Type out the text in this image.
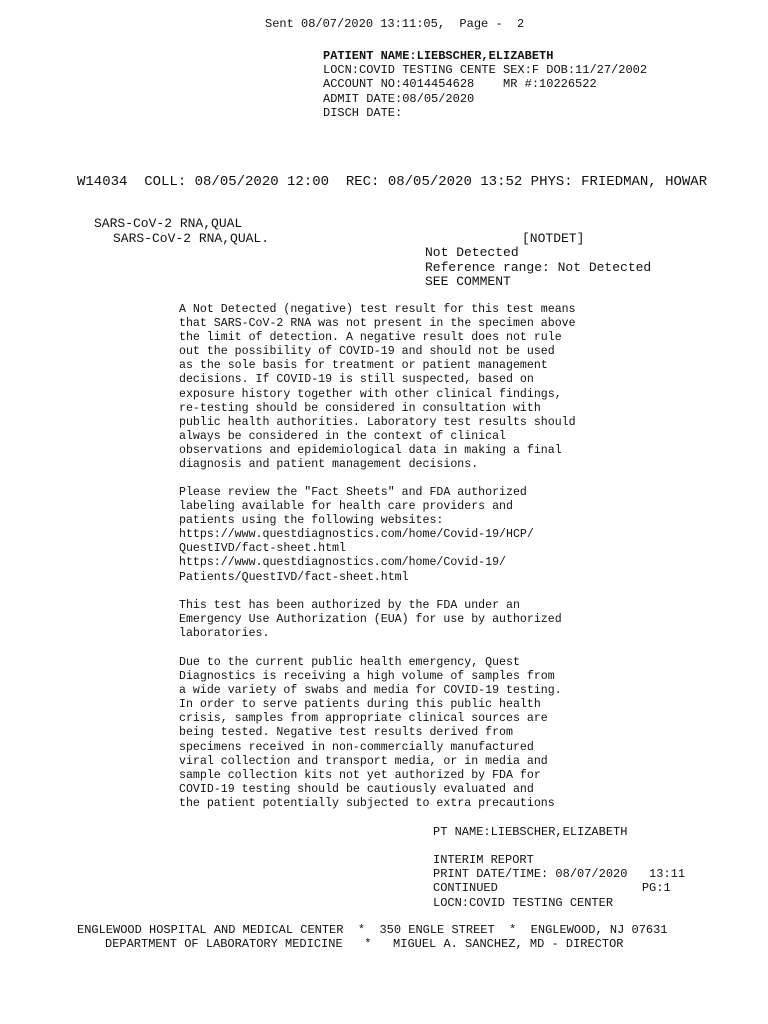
Sent 08/07/2020 13:11:05,  Page -  2
PATIENT NAME:LIEBSCHER,ELIZABETH
LOCN:COVID TESTING CENTE SEX:F DOB:11/27/2002
ACCOUNT NO:4014454628    MR #:10226522
ADMIT DATE:08/05/2020
DISCH DATE:
W14034  COLL: 08/05/2020 12:00  REC: 08/05/2020 13:52 PHYS: FRIEDMAN, HOWAR
SARS-CoV-2 RNA,QUAL
SARS-CoV-2 RNA,QUAL.	[NOTDET]
Not Detected
Reference range: Not Detected
SEE COMMENT
A Not Detected (negative) test result for this test means
that SARS-CoV-2 RNA was not present in the specimen above
the limit of detection. A negative result does not rule
out the possibility of COVID-19 and should not be used
as the sole basis for treatment or patient management
decisions. If COVID-19 is still suspected, based on
exposure history together with other clinical findings,
re-testing should be considered in consultation with
public health authorities. Laboratory test results should
always be considered in the context of clinical
observations and epidemiological data in making a final
diagnosis and patient management decisions.
Please review the "Fact Sheets" and FDA authorized
labeling available for health care providers and
patients using the following websites:
https://www.questdiagnostics.com/home/Covid-19/HCP/
QuestIVD/fact-sheet.html
https://www.questdiagnostics.com/home/Covid-19/
Patients/QuestIVD/fact-sheet.html
This test has been authorized by the FDA under an
Emergency Use Authorization (EUA) for use by authorized
laboratories.
Due to the current public health emergency, Quest
Diagnostics is receiving a high volume of samples from
a wide variety of swabs and media for COVID-19 testing.
In order to serve patients during this public health
crisis, samples from appropriate clinical sources are
being tested. Negative test results derived from
specimens received in non-commercially manufactured
viral collection and transport media, or in media and
sample collection kits not yet authorized by FDA for
COVID-19 testing should be cautiously evaluated and
the patient potentially subjected to extra precautions
PT NAME:LIEBSCHER,ELIZABETH
INTERIM REPORT
PRINT DATE/TIME: 08/07/2020   13:11
CONTINUED                    PG:1
LOCN:COVID TESTING CENTER
ENGLEWOOD HOSPITAL AND MEDICAL CENTER  *  350 ENGLE STREET  *  ENGLEWOOD, NJ 07631
DEPARTMENT OF LABORATORY MEDICINE   *   MIGUEL A. SANCHEZ, MD - DIRECTOR
